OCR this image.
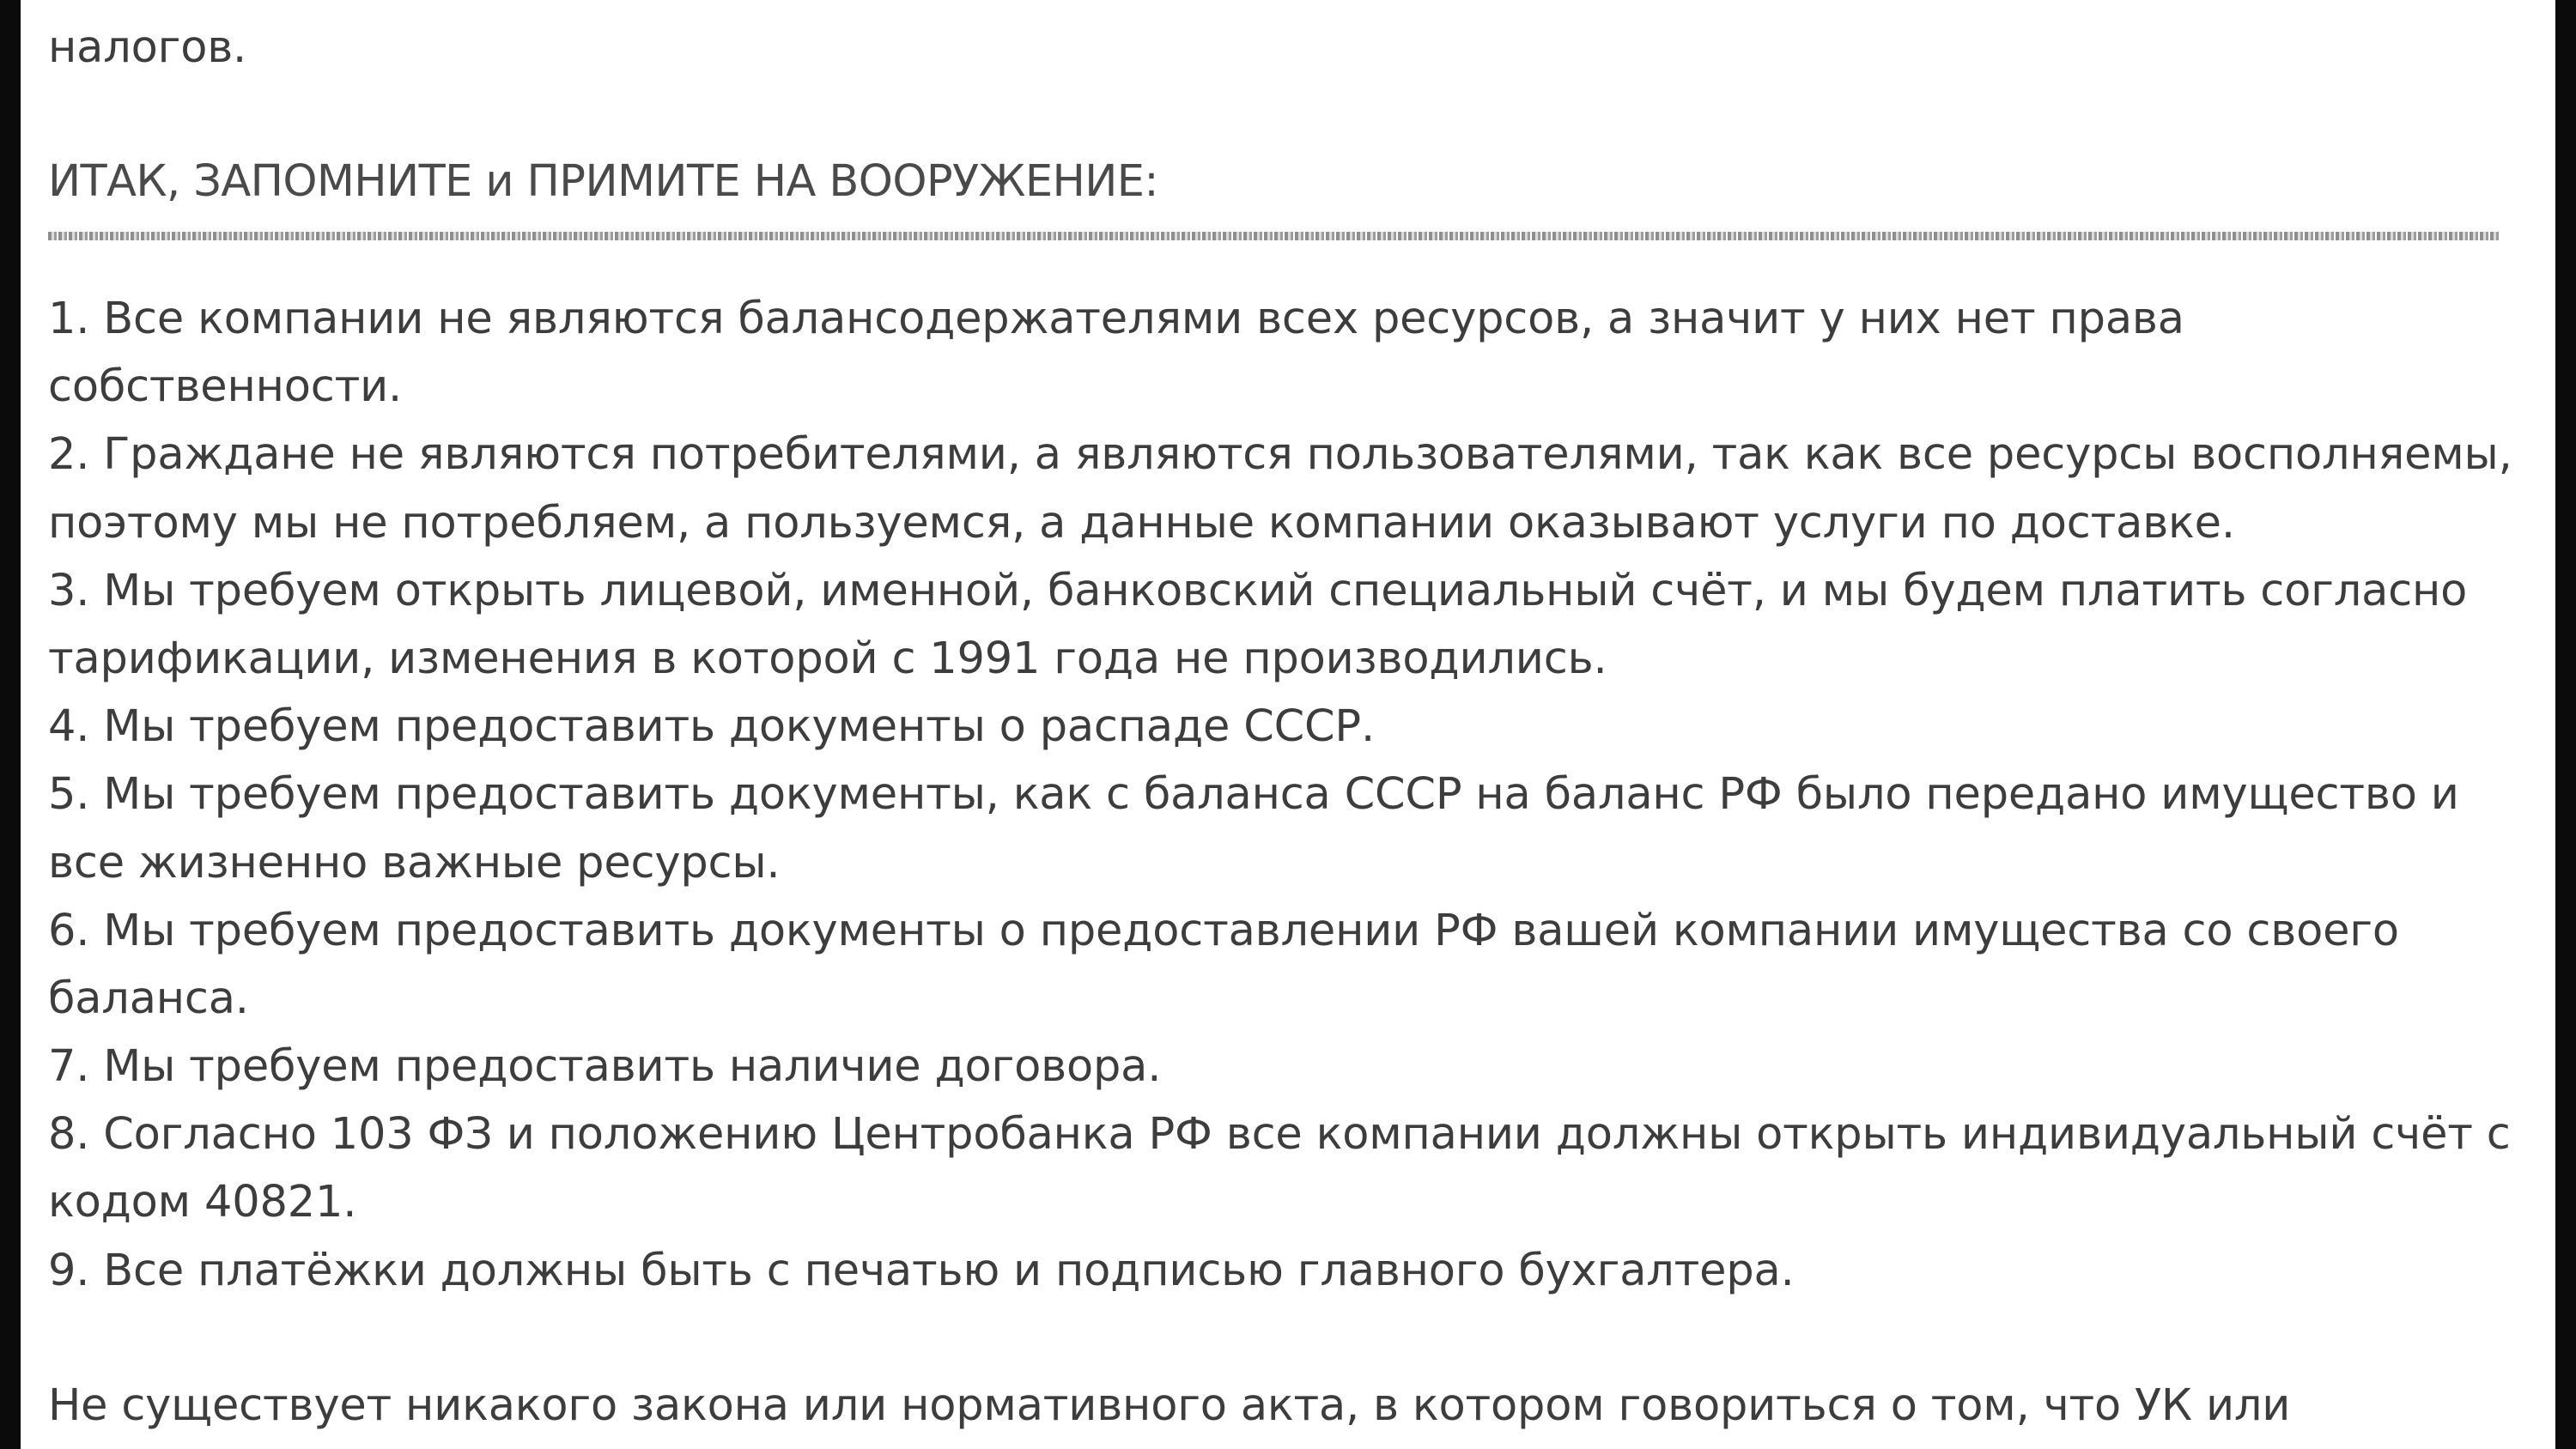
налогов.

ИТАК, ЗАПОМНИТЕ и ПРИМИТЕ НА ВООРУЖЕНИЕ:

1. Все компании не являются балансодержателями всех ресурсов, а значит у них нет права

собственности.

2. Граждане не являются потребителями, а являются пользователями, так как все ресурсы восполняемы,

поэтому мы не потребляем, а пользуемся, а данные компании оказывают услуги по доставке.

3. Мы требуем открыть лицевой, именной, банковский специальный счёт, и мы будем платить согласно

тарификации, изменения в которой с 1991 года не производились.

4. Мы требуем предоставить документы о распаде СССР.

5. Мы требуем предоставить документы, как с баланса СССР на баланс РФ было передано имущество и

все жизненно важные ресурсы.

6. Мы требуем предоставить документы о предоставлении РФ вашей компании имущества со своего

баланса.

7. Мы требуем предоставить наличие договора.

8. Согласно 103 ФЗ и положению Центробанка РФ все компании должны открыть индивидуальный счёт с

кодом 40821.

9. Все платёжки должны быть с печатью и подписью главного бухгалтера.

Не существует никакого закона или нормативного акта, в котором говориться о том, что УК или
